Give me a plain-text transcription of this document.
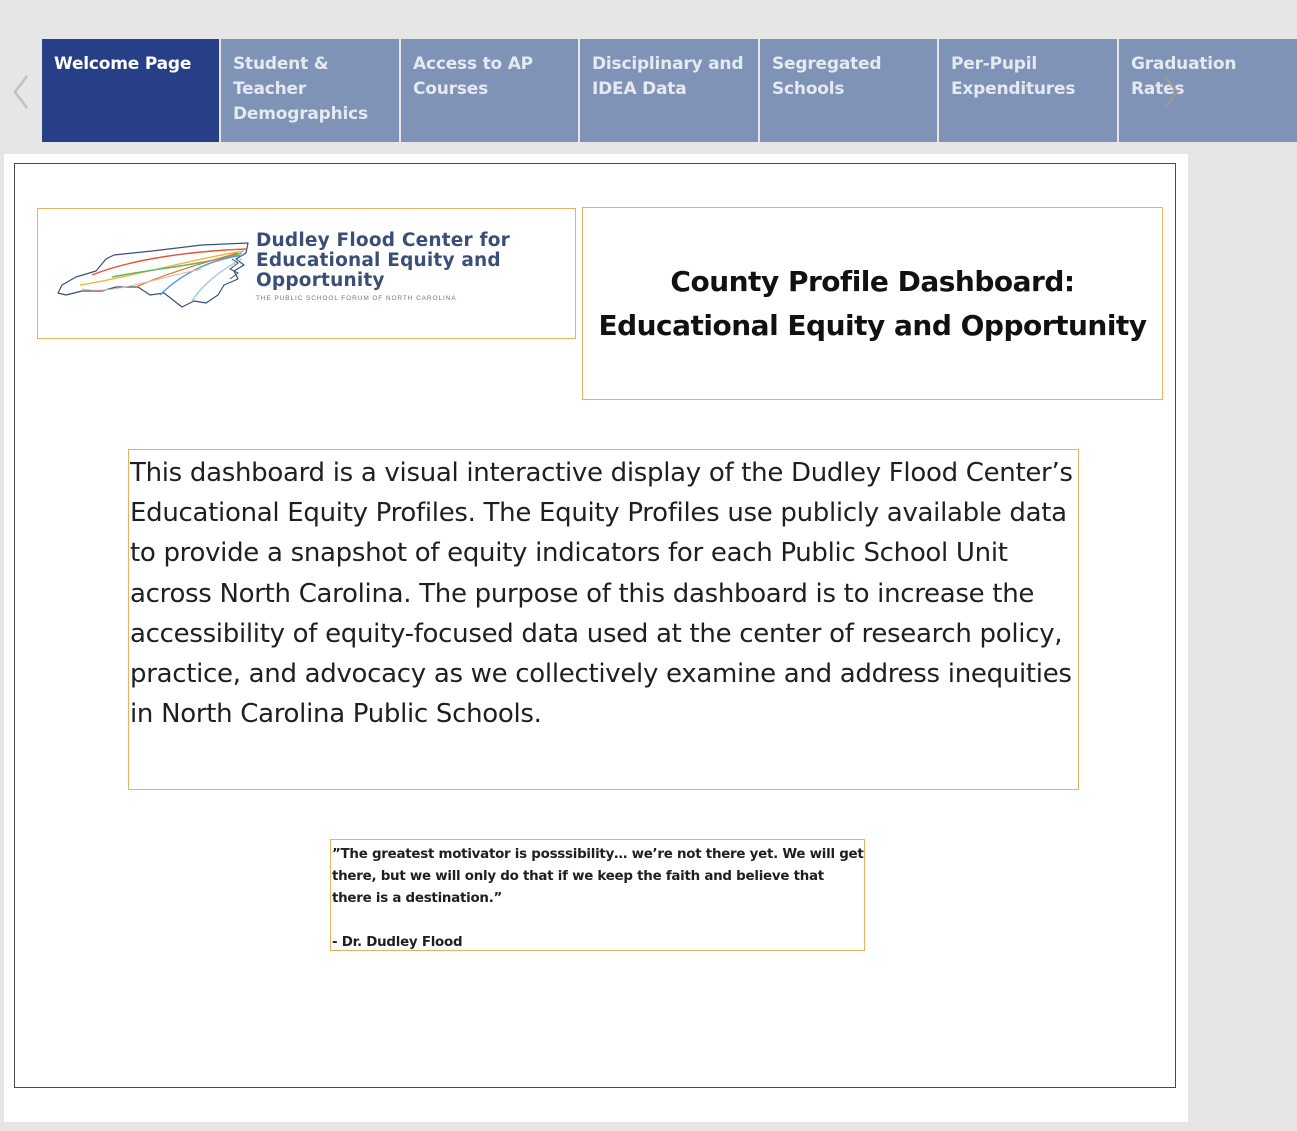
Welcome Page	Student & Teacher Demographics
Access to AP Courses
Disciplinary and IDEA Data
Segregated Schools
Per-Pupil Expenditures
Graduation Rates
Dudley Flood Center for
Educational Equity and
Opportunity
THE PUBLIC SCHOOL FORUM OF NORTH CAROLINA
County Profile Dashboard:
Educational Equity and Opportunity

This dashboard is a visual interactive display of the Dudley Flood Center’s Educational Equity Profiles. The Equity Profiles use publicly available data to provide a snapshot of equity indicators for each Public School Unit across North Carolina. The purpose of this dashboard is to increase the accessibility of equity-focused data used at the center of research policy, practice, and advocacy as we collectively examine and address inequities in North Carolina Public Schools.

”The greatest motivator is posssibility… we’re not there yet. We will get there, but we will only do that if we keep the faith and believe that there is a destination.”

- Dr. Dudley Flood
